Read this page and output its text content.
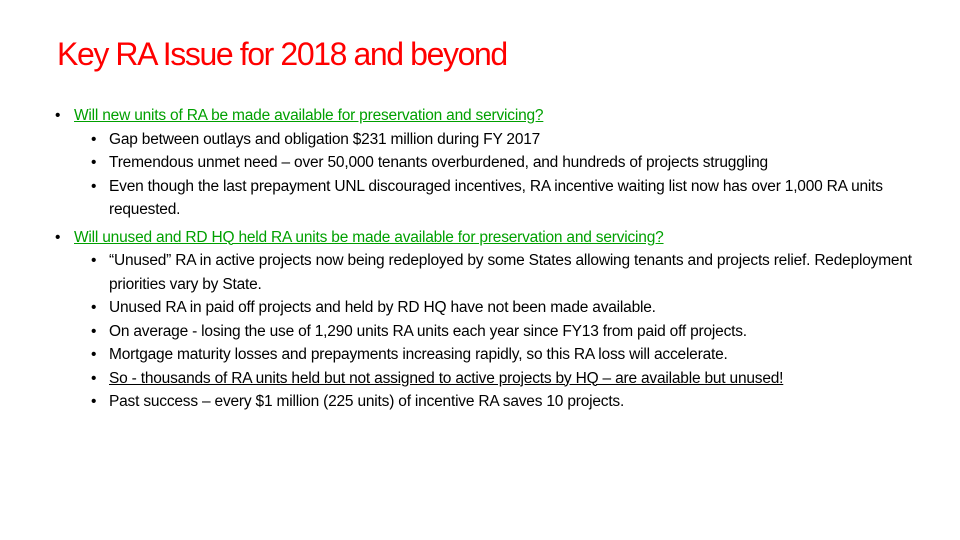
Key RA Issue for 2018 and beyond
• Will new units of RA be made available for preservation and servicing?
• Gap between outlays and obligation $231 million during FY 2017
• Tremendous unmet need – over 50,000 tenants overburdened, and hundreds of projects struggling
• Even though the last prepayment UNL discouraged incentives, RA incentive waiting list now has over 1,000 RA units requested.
• Will unused and RD HQ held RA units be made available for preservation and servicing?
• “Unused” RA in active projects now being redeployed by some States allowing tenants and projects relief. Redeployment priorities vary by State.
• Unused RA in paid off projects and held by RD HQ have not been made available.
• On average - losing the use of 1,290 units RA units each year since FY13 from paid off projects.
• Mortgage maturity losses and prepayments increasing rapidly, so this RA loss will accelerate.
• So - thousands of RA units held but not assigned to active projects by HQ – are available but unused!
• Past success – every $1 million (225 units) of incentive RA saves 10 projects.
